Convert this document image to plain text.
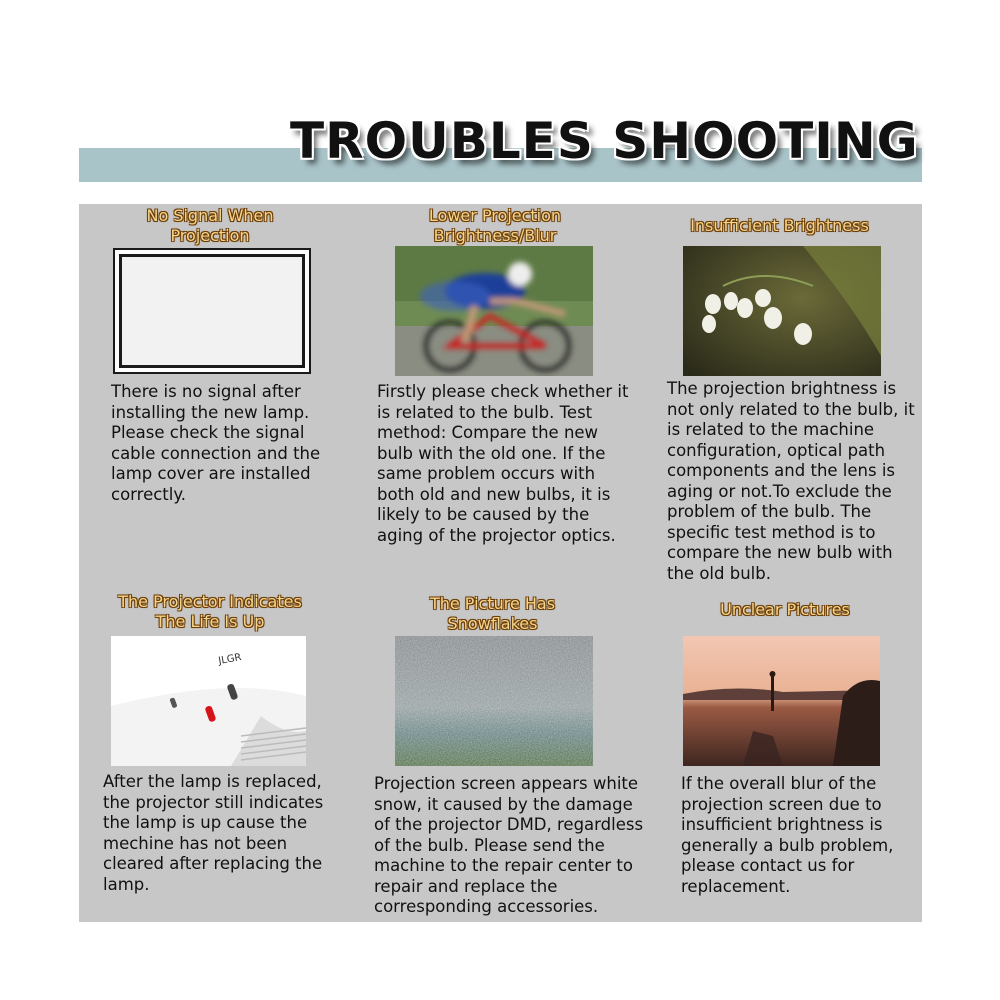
TROUBLES SHOOTING
No Signal When Projection
There is no signal after installing the new lamp. Please check the signal cable connection and the lamp cover are installed correctly.
Lower Projection Brightness/Blur
Firstly please check whether it is related to the bulb. Test method: Compare the new bulb with the old one. If the same problem occurs with both old and new bulbs, it is likely to be caused by the aging of the projector optics.
Insufficient Brightness
The projection brightness is not only related to the bulb, it is related to the machine configuration, optical path components and the lens is aging or not.To exclude the problem of the bulb. The specific test method is to compare the new bulb with the old bulb.
The Projector Indicates The Life Is Up
JLGR
After the lamp is replaced, the projector still indicates the lamp is up cause the mechine has not been cleared after replacing the lamp.
The Picture Has Snowflakes
Projection screen appears white snow, it caused by the damage of the projector DMD, regardless of the bulb. Please send the machine to the repair center to repair and replace the corresponding accessories.
Unclear Pictures
If the overall blur of the projection screen due to insufficient brightness is generally a bulb problem, please contact us for replacement.
